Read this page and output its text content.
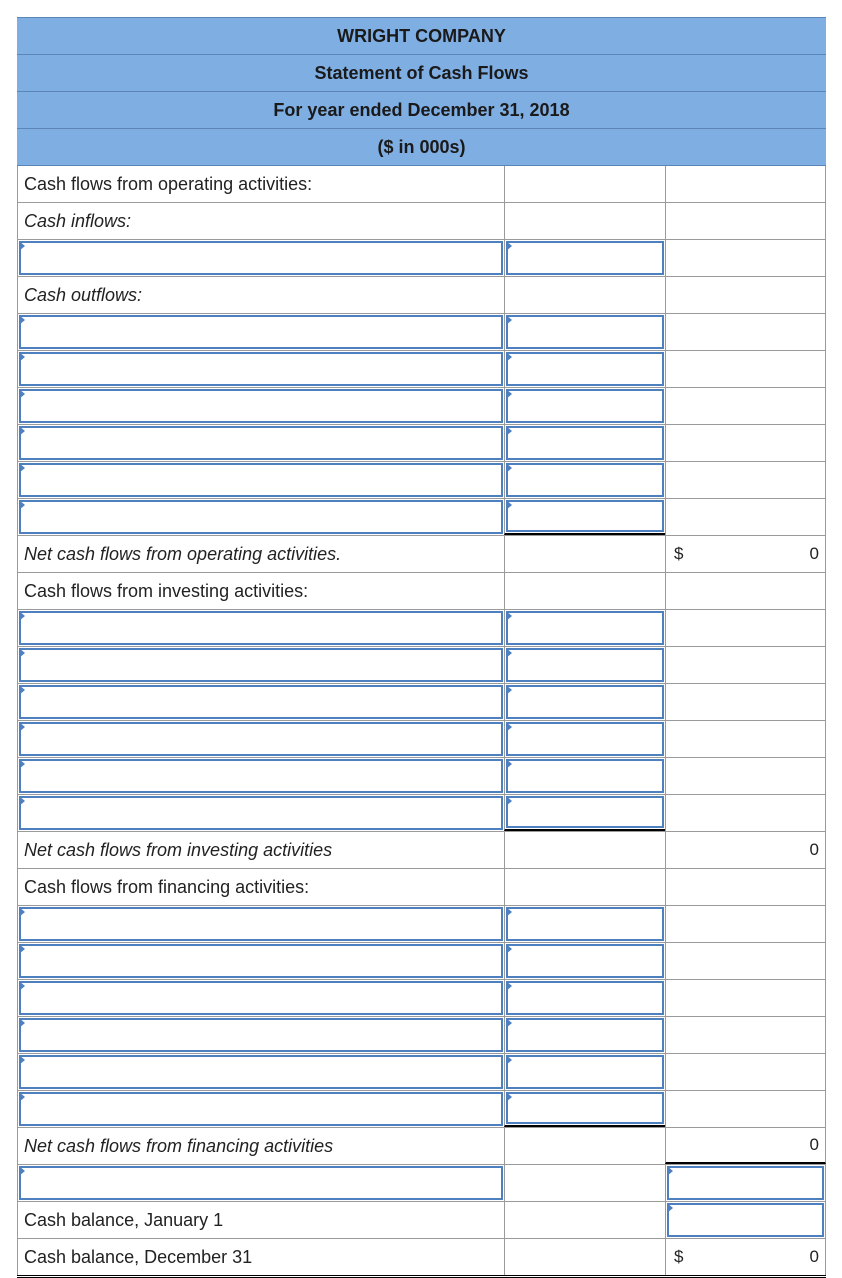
WRIGHT COMPANY
Statement of Cash Flows
For year ended December 31, 2018
($ in 000s)
Cash flows from operating activities:
Cash inflows:
Cash outflows:
Net cash flows from operating activities.	$	0
Cash flows from investing activities:
Net cash flows from investing activities	0
Cash flows from financing activities:
Net cash flows from financing activities	0
Cash balance, January 1
Cash balance, December 31	$	0
